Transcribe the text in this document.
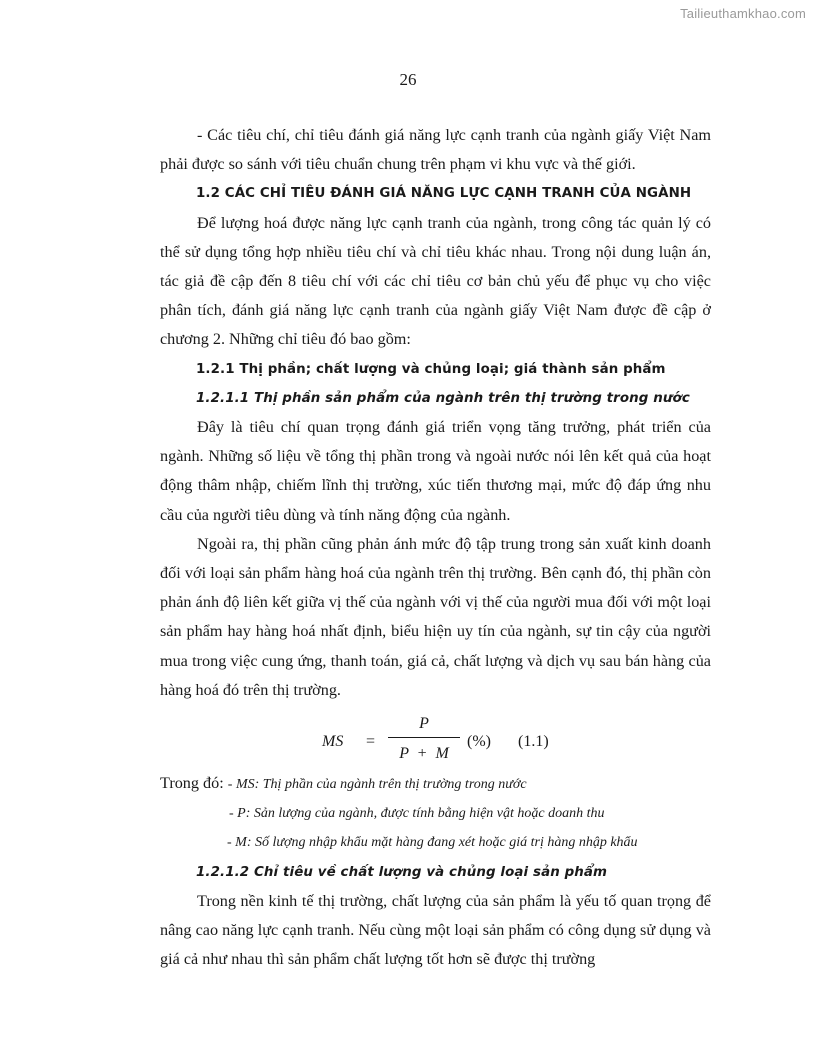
Tailieuthamkhao.com
26

- Các tiêu chí, chỉ tiêu đánh giá năng lực cạnh tranh của ngành giấy Việt Nam phải được so sánh với tiêu chuẩn chung trên phạm vi khu vực và thế giới.

1.2 CÁC CHỈ TIÊU ĐÁNH GIÁ NĂNG LỰC CẠNH TRANH CỦA NGÀNH

Để lượng hoá được năng lực cạnh tranh của ngành, trong công tác quản lý có thể sử dụng tổng hợp nhiều tiêu chí và chỉ tiêu khác nhau. Trong nội dung luận án, tác giả đề cập đến 8 tiêu chí với các chỉ tiêu cơ bản chủ yếu để phục vụ cho việc phân tích, đánh giá năng lực cạnh tranh của ngành giấy Việt Nam được đề cập ở chương 2. Những chỉ tiêu đó bao gồm:

1.2.1 Thị phần; chất lượng và chủng loại; giá thành sản phẩm
1.2.1.1 Thị phần sản phẩm của ngành trên thị trường trong nước

Đây là tiêu chí quan trọng đánh giá triển vọng tăng trưởng, phát triển của ngành. Những số liệu về tổng thị phần trong và ngoài nước nói lên kết quả của hoạt động thâm nhập, chiếm lĩnh thị trường, xúc tiến thương mại, mức độ đáp ứng nhu cầu của người tiêu dùng và tính năng động của ngành.

Ngoài ra, thị phần cũng phản ánh mức độ tập trung trong sản xuất kinh doanh đối với loại sản phẩm hàng hoá của ngành trên thị trường. Bên cạnh đó, thị phần còn phản ánh độ liên kết giữa vị thế của ngành với vị thế của người mua đối với một loại sản phẩm hay hàng hoá nhất định, biểu hiện uy tín của ngành, sự tin cậy của người mua trong việc cung ứng, thanh toán, giá cả, chất lượng và dịch vụ sau bán hàng của hàng hoá đó trên thị trường.

MS =
P
P + M
(%) (1.1)
Trong đó: - MS: Thị phần của ngành trên thị trường trong nước
- P: Sản lượng của ngành, được tính bằng hiện vật hoặc doanh thu
- M: Số lượng nhập khẩu mặt hàng đang xét hoặc giá trị hàng nhập khẩu
1.2.1.2 Chỉ tiêu về chất lượng và chủng loại sản phẩm

Trong nền kinh tế thị trường, chất lượng của sản phẩm là yếu tố quan trọng để nâng cao năng lực cạnh tranh. Nếu cùng một loại sản phẩm có công dụng sử dụng và giá cả như nhau thì sản phẩm chất lượng tốt hơn sẽ được thị trường
